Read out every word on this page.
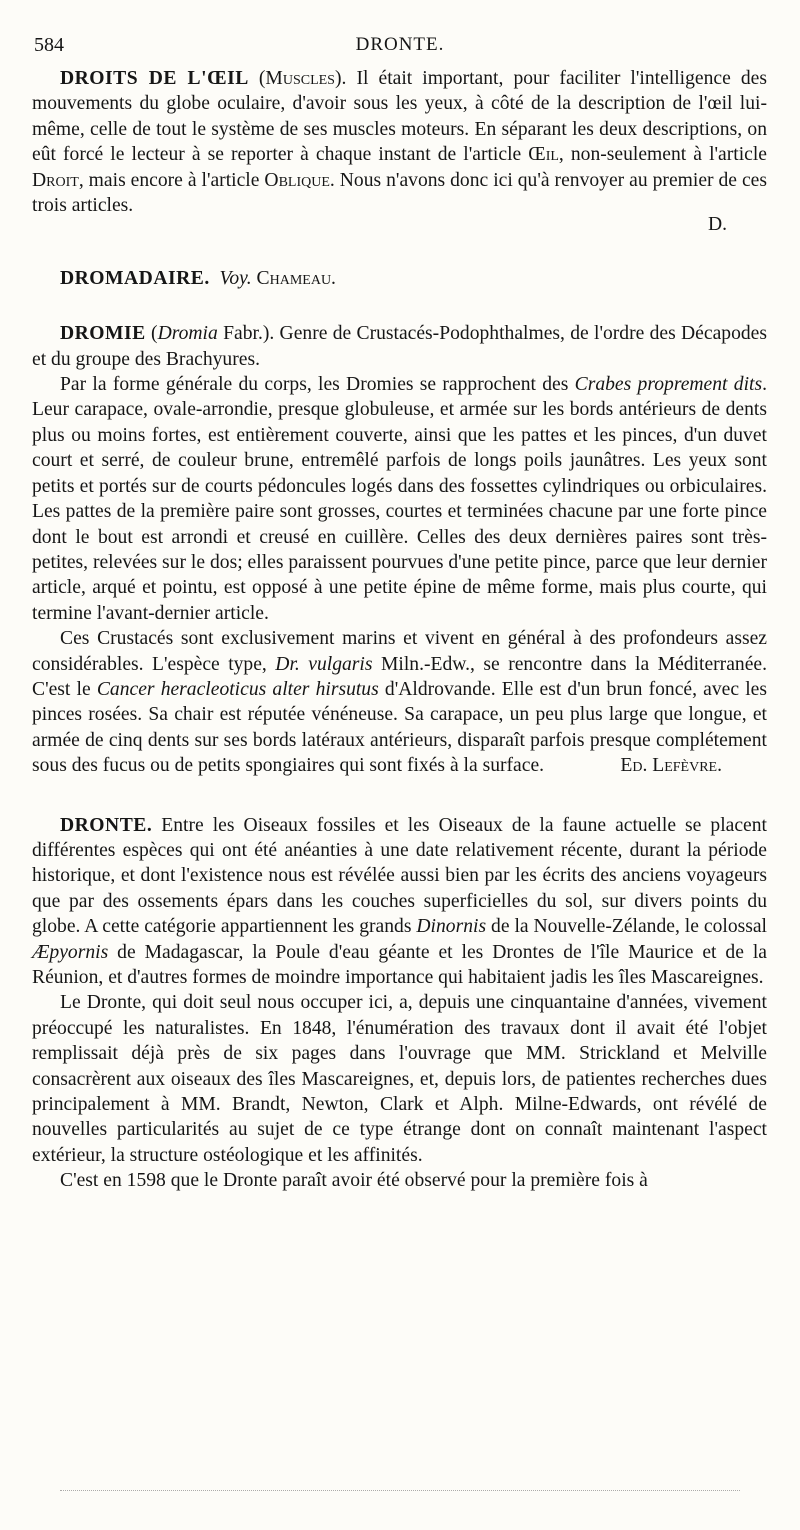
584	DRONTE.

DROITS DE L'ŒIL (Muscles). Il était important, pour faciliter l'intelligence des mouvements du globe oculaire, d'avoir sous les yeux, à côté de la description de l'œil lui-même, celle de tout le système de ses muscles moteurs. En séparant les deux descriptions, on eût forcé le lecteur à se reporter à chaque instant de l'article Œil, non-seulement à l'article Droit, mais encore à l'article Oblique. Nous n'avons donc ici qu'à renvoyer au premier de ces trois articles.

D.

DROMADAIRE. Voy. Chameau.

DROMIE (Dromia Fabr.). Genre de Crustacés-Podophthalmes, de l'ordre des Décapodes et du groupe des Brachyures.

Par la forme générale du corps, les Dromies se rapprochent des Crabes proprement dits. Leur carapace, ovale-arrondie, presque globuleuse, et armée sur les bords antérieurs de dents plus ou moins fortes, est entièrement couverte, ainsi que les pattes et les pinces, d'un duvet court et serré, de couleur brune, entremêlé parfois de longs poils jaunâtres. Les yeux sont petits et portés sur de courts pédoncules logés dans des fossettes cylindriques ou orbiculaires. Les pattes de la première paire sont grosses, courtes et terminées chacune par une forte pince dont le bout est arrondi et creusé en cuillère. Celles des deux dernières paires sont très-petites, relevées sur le dos; elles paraissent pourvues d'une petite pince, parce que leur dernier article, arqué et pointu, est opposé à une petite épine de même forme, mais plus courte, qui termine l'avant-dernier article.

Ces Crustacés sont exclusivement marins et vivent en général à des profondeurs assez considérables. L'espèce type, Dr. vulgaris Miln.-Edw., se rencontre dans la Méditerranée. C'est le Cancer heracleoticus alter hirsutus d'Aldrovande. Elle est d'un brun foncé, avec les pinces rosées. Sa chair est réputée vénéneuse. Sa carapace, un peu plus large que longue, et armée de cinq dents sur ses bords latéraux antérieurs, disparaît parfois presque complétement sous des fucus ou de petits spongiaires qui sont fixés à la surface.	Ed. Lefèvre.

DRONTE. Entre les Oiseaux fossiles et les Oiseaux de la faune actuelle se placent différentes espèces qui ont été anéanties à une date relativement récente, durant la période historique, et dont l'existence nous est révélée aussi bien par les écrits des anciens voyageurs que par des ossements épars dans les couches superficielles du sol, sur divers points du globe. A cette catégorie appartiennent les grands Dinornis de la Nouvelle-Zélande, le colossal Æpyornis de Madagascar, la Poule d'eau géante et les Drontes de l'île Maurice et de la Réunion, et d'autres formes de moindre importance qui habitaient jadis les îles Mascareignes.

Le Dronte, qui doit seul nous occuper ici, a, depuis une cinquantaine d'années, vivement préoccupé les naturalistes. En 1848, l'énumération des travaux dont il avait été l'objet remplissait déjà près de six pages dans l'ouvrage que MM. Strickland et Melville consacrèrent aux oiseaux des îles Mascareignes, et, depuis lors, de patientes recherches dues principalement à MM. Brandt, Newton, Clark et Alph. Milne-Edwards, ont révélé de nouvelles particularités au sujet de ce type étrange dont on connaît maintenant l'aspect extérieur, la structure ostéologique et les affinités.

C'est en 1598 que le Dronte paraît avoir été observé pour la première fois à
